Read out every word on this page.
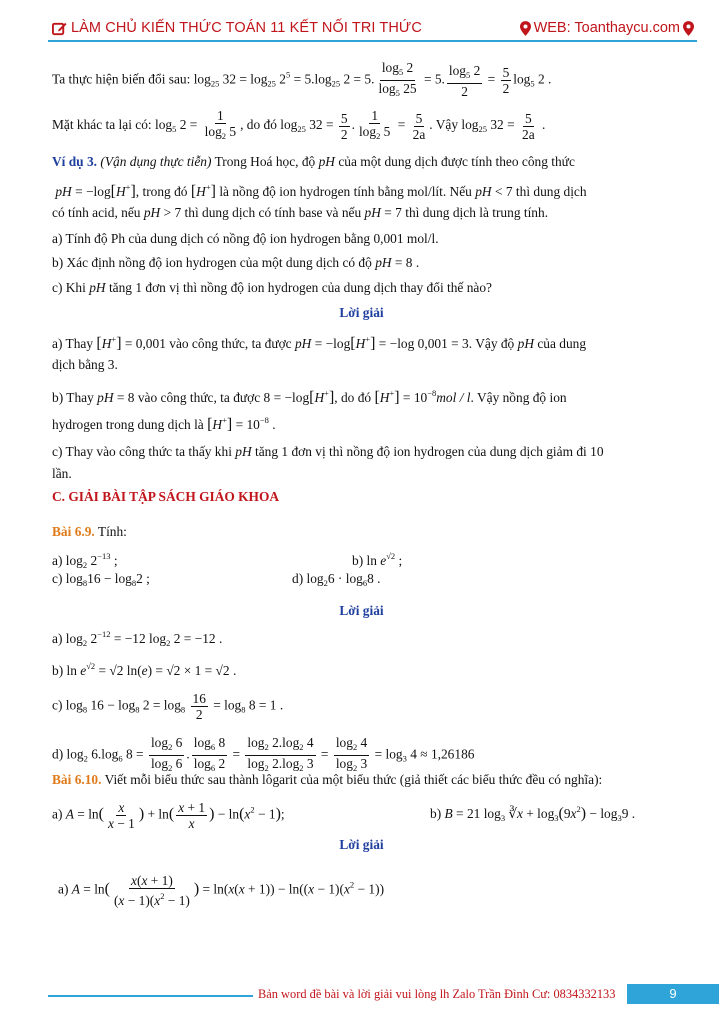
LÀM CHỦ KIẾN THỨC TOÁN 11 KẾT NỐI TRI THỨC	WEB: Toanthaycu.com
Ta thực hiện biến đổi sau: $\log_{25} 32 = \log_{25} 2^5 = 5.\log_{25}$ 2 = 5. $\frac{\log_5 2}{\log_5 25} = 5$. $\frac{\log_5 2}{2} = \frac{5}{2} \log_5 2$ .
Mặt khác ta lại có: $\log_5 2 = \frac{1}{\log_2 5}$ , do đó $\log_{25} 32 = \frac{5}{2}$ . $\frac{1}{\log_2 5} = \frac{5}{2a}$ . Vậy $\log_{25} 32 = \frac{5}{2a}$ .
Ví dụ 3. (Vận dụng thực tiễn) Trong Hoá học, độ pH của một dung dịch được tính theo công thức
pH = −log[H+], trong đó [H+] là nồng độ ion hydrogen tính bằng mol/lít. Nếu pH < 7 thì dung dịch
có tính acid, nếu pH > 7 thì dung dịch có tính base và nếu pH = 7 thì dung dịch là trung tính.
a) Tính độ Ph của dung dịch có nồng độ ion hydrogen bằng 0,001 mol/l.
b) Xác định nồng độ ion hydrogen của một dung dịch có độ pH = 8 .
c) Khi pH tăng 1 đơn vị thì nồng độ ion hydrogen của dung dịch thay đổi thế nào?
Lời giải
a) Thay [H+] = 0,001 vào công thức, ta được pH = −log[H+] = −log 0,001 = 3. Vậy độ pH của dung
dịch bằng 3.
b) Thay pH = 8 vào công thức, ta được 8 = −log[H+], do đó $[H^+] = 10^{-8}mol / l$. Vậy nồng độ ion
hydrogen trong dung dịch là $[H^+] = 10^{-8}$ .
c) Thay vào công thức ta thấy khi pH tăng 1 đơn vị thì nồng độ ion hydrogen của dung dịch giảm đi 10
lần.
C. GIẢI BÀI TẬP SÁCH GIÁO KHOA
Bài 6.9. Tính:
a) $\log_2 2^{-13}$ ;	b) $\ln e^{√2}$ ;
c) $\log_816 - \log_82$ ;	d) $\log_26 \cdot \log_68$ .
Lời giải
a) $\log_2 2^{-12} = -12$ $\log_2 2 = -12$ .
b) $\ln e^{√2} = √2$ ln(e) = √2 × 1 = √2 .
c) $\log_8 16 - \log_8 2 = \log_8 \frac{16}{2} = \log_8 8 = 1$ .
d) $\log_2 6.\log_6$ $8 = \frac{\log_2 6}{\log_2 6}$ . $\frac{\log_6 8}{\log_6 2} = \frac{\log_2 2.\log_2 4}{\log_2 2.\log_2 3} = \frac{\log_2 4}{\log_2 3} = \log_3 4 \approx 1,26186$
Bài 6.10. Viết mỗi biểu thức sau thành lôgarit của một biểu thức (giả thiết các biểu thức đều có nghĩa):
a) $A = \ln( \frac{x}{x - 1}$ ) + $\ln( \frac{x + 1}{x}$ ) − $\ln(x^2 - 1)$;	b) B = 21 $\log_3$ ∛x + $\log_3(9x^2) - \log_39$ .
Lời giải
a) $A = \ln( \frac{x(x + 1)}{(x - 1)(x^2 - 1)}$ ) = $\ln(x(x + 1)) - \ln((x - 1)(x^2 - 1))$
Bản word đề bài và lời giải vui lòng lh Zalo Trần Đình Cư: 0834332133	9
